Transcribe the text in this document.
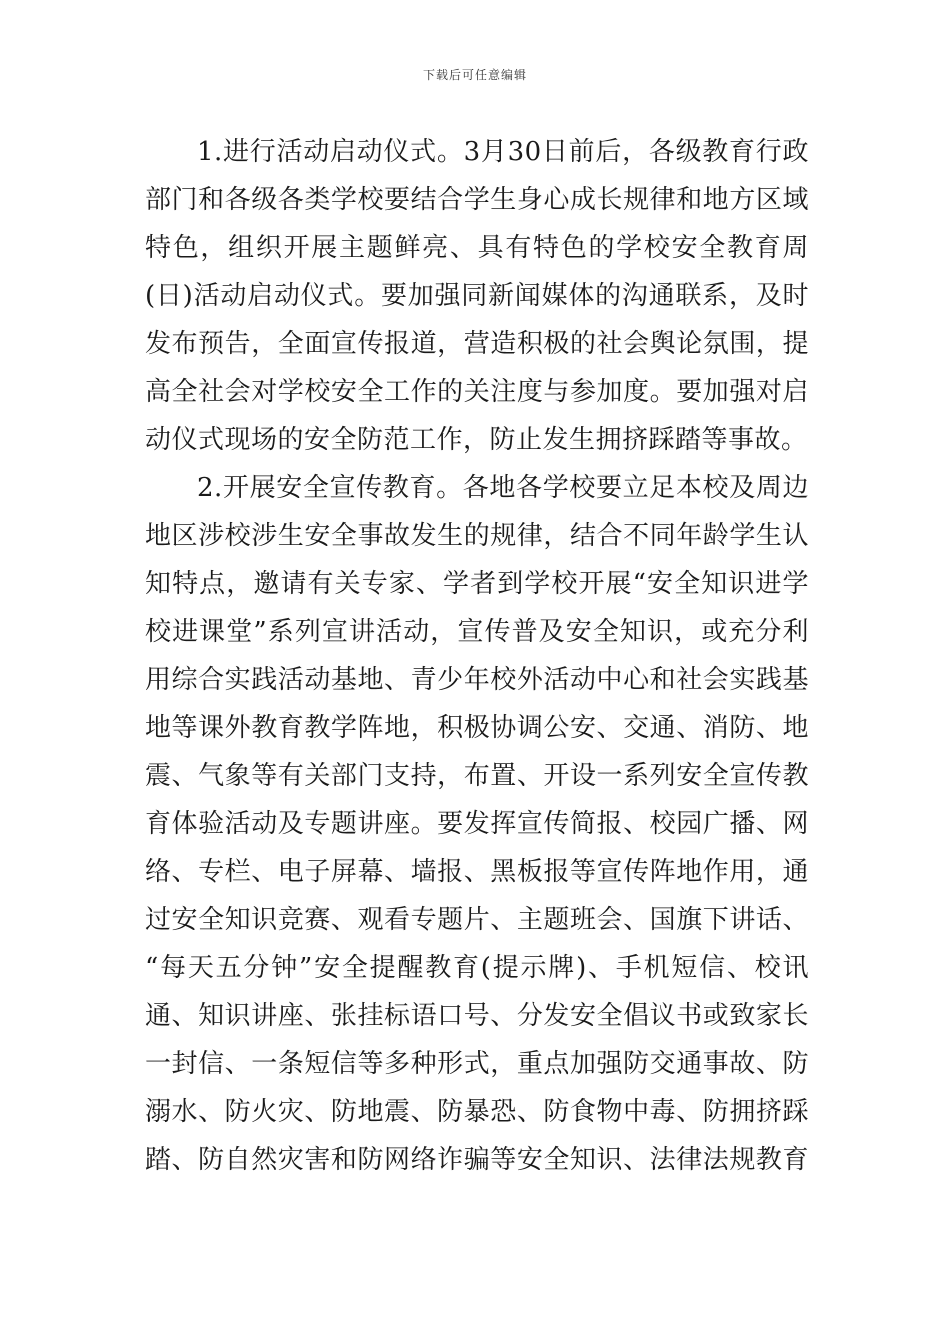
下载后可任意编辑
1.进行活动启动仪式。3月30日前后，各级教育行政
部门和各级各类学校要结合学生身心成长规律和地方区域
特色，组织开展主题鲜亮、具有特色的学校安全教育周
(日)活动启动仪式。要加强同新闻媒体的沟通联系，及时
发布预告，全面宣传报道，营造积极的社会舆论氛围，提
高全社会对学校安全工作的关注度与参加度。要加强对启
动仪式现场的安全防范工作，防止发生拥挤踩踏等事故。
2.开展安全宣传教育。各地各学校要立足本校及周边
地区涉校涉生安全事故发生的规律，结合不同年龄学生认
知特点，邀请有关专家、学者到学校开展“安全知识进学
校进课堂”系列宣讲活动，宣传普及安全知识，或充分利
用综合实践活动基地、青少年校外活动中心和社会实践基
地等课外教育教学阵地，积极协调公安、交通、消防、地
震、气象等有关部门支持，布置、开设一系列安全宣传教
育体验活动及专题讲座。要发挥宣传简报、校园广播、网
络、专栏、电子屏幕、墙报、黑板报等宣传阵地作用，通
过安全知识竞赛、观看专题片、主题班会、国旗下讲话、
“每天五分钟”安全提醒教育(提示牌)、手机短信、校讯
通、知识讲座、张挂标语口号、分发安全倡议书或致家长
一封信、一条短信等多种形式，重点加强防交通事故、防
溺水、防火灾、防地震、防暴恐、防食物中毒、防拥挤踩
踏、防自然灾害和防网络诈骗等安全知识、法律法规教育
